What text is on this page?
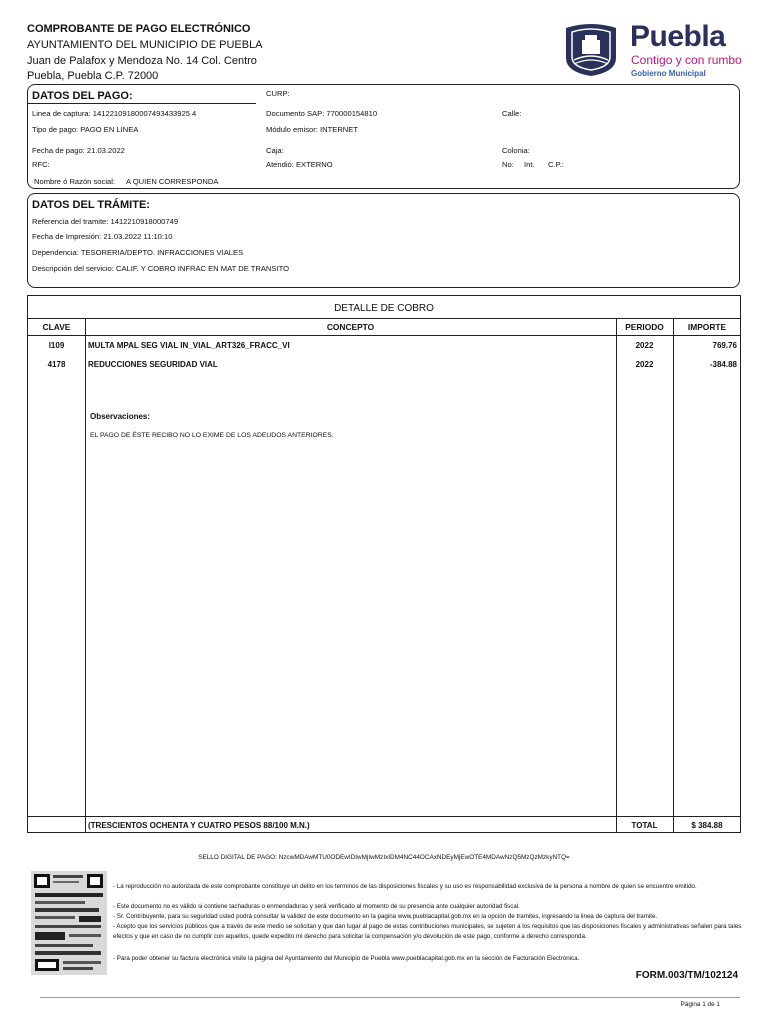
COMPROBANTE DE PAGO ELECTRÓNICO
AYUNTAMIENTO DEL MUNICIPIO DE PUEBLA
Juan de Palafox y Mendoza No. 14 Col. Centro
Puebla, Puebla C.P. 72000
Puebla
Contigo y con rumbo
Gobierno Municipal
DATOS DEL PAGO:	CURP:
Linea de captura: 14122109180007493433925 4	Documento SAP: 770000154810	Calle:
Tipo de pago: PAGO EN LINEA	Módulo emisor: INTERNET
Fecha de pago: 21.03.2022	Caja:	Colonia:
RFC:	Atendió: EXTERNO	No: Int. C.P.:
Nombre ó Razón social: A QUIEN CORRESPONDA
DATOS DEL TRÁMITE:
Referencia del tramite: 1412210918000749
Fecha de Impresión: 21.03.2022 11:10:10
Dependencia: TESORERIA/DEPTO. INFRACCIONES VIALES
Descripción del servicio: CALIF. Y COBRO INFRAC EN MAT DE TRANSITO
DETALLE DE COBRO
CLAVE	CONCEPTO	PERIODO	IMPORTE
I109	MULTA MPAL SEG VIAL IN_VIAL_ART326_FRACC_VI	2022	769.76
4178	REDUCCIONES SEGURIDAD VIAL	2022	-384.88
Observaciones:
EL PAGO DE ÉSTE RECIBO NO LO EXIME DE LOS ADEUDOS ANTERIORES.
(TRESCIENTOS OCHENTA Y CUATRO PESOS 88/100 M.N.)	TOTAL	$ 384.88
SELLO DIGITAL DE PAGO: NzcwMDAwMTU0ODEwIDIwMjIwMzIxIDM4NC44OCAxNDEyMjEwOTE4MDAwNzQ5MzQzMzkyNTQ=
- La reproducción no autorizada de este comprobante constituye un delito en los terminos de las disposiciones fiscales y su uso es responsabilidad exclusiva de la persona a nombre de quien se encuentre emitido.
- Este documento no es válido si contiene tachaduras o enmendaduras y será verificado al momento de su presencia ante cualquier autoridad fiscal.
- Sr. Contribuyente, para su seguridad usted podrá consultar la validez de este documento en la pagina www.pueblacapital.gob.mx en la opción de tramites, ingresando la linea de captura del tramite.
- Acepto que los servicios públicos que a través de este medio se solicitan y que dan lugar al pago de estas contribuciones municipales, se sujeten a los requisitos que las disposiciones fiscales y administrativas señalen para tales efectos y que en caso de no cumplir con aquellos, quede expedito mi derecho para solicitar la compensación y/o devolución de este pago, conforme a derecho corresponda.
- Para poder obtener su factura electrónica visite la página del Ayuntamiento del Municipio de Puebla www.pueblacapital.gob.mx en la sección de Facturación Electrónica.
FORM.003/TM/102124
Página 1 de 1
